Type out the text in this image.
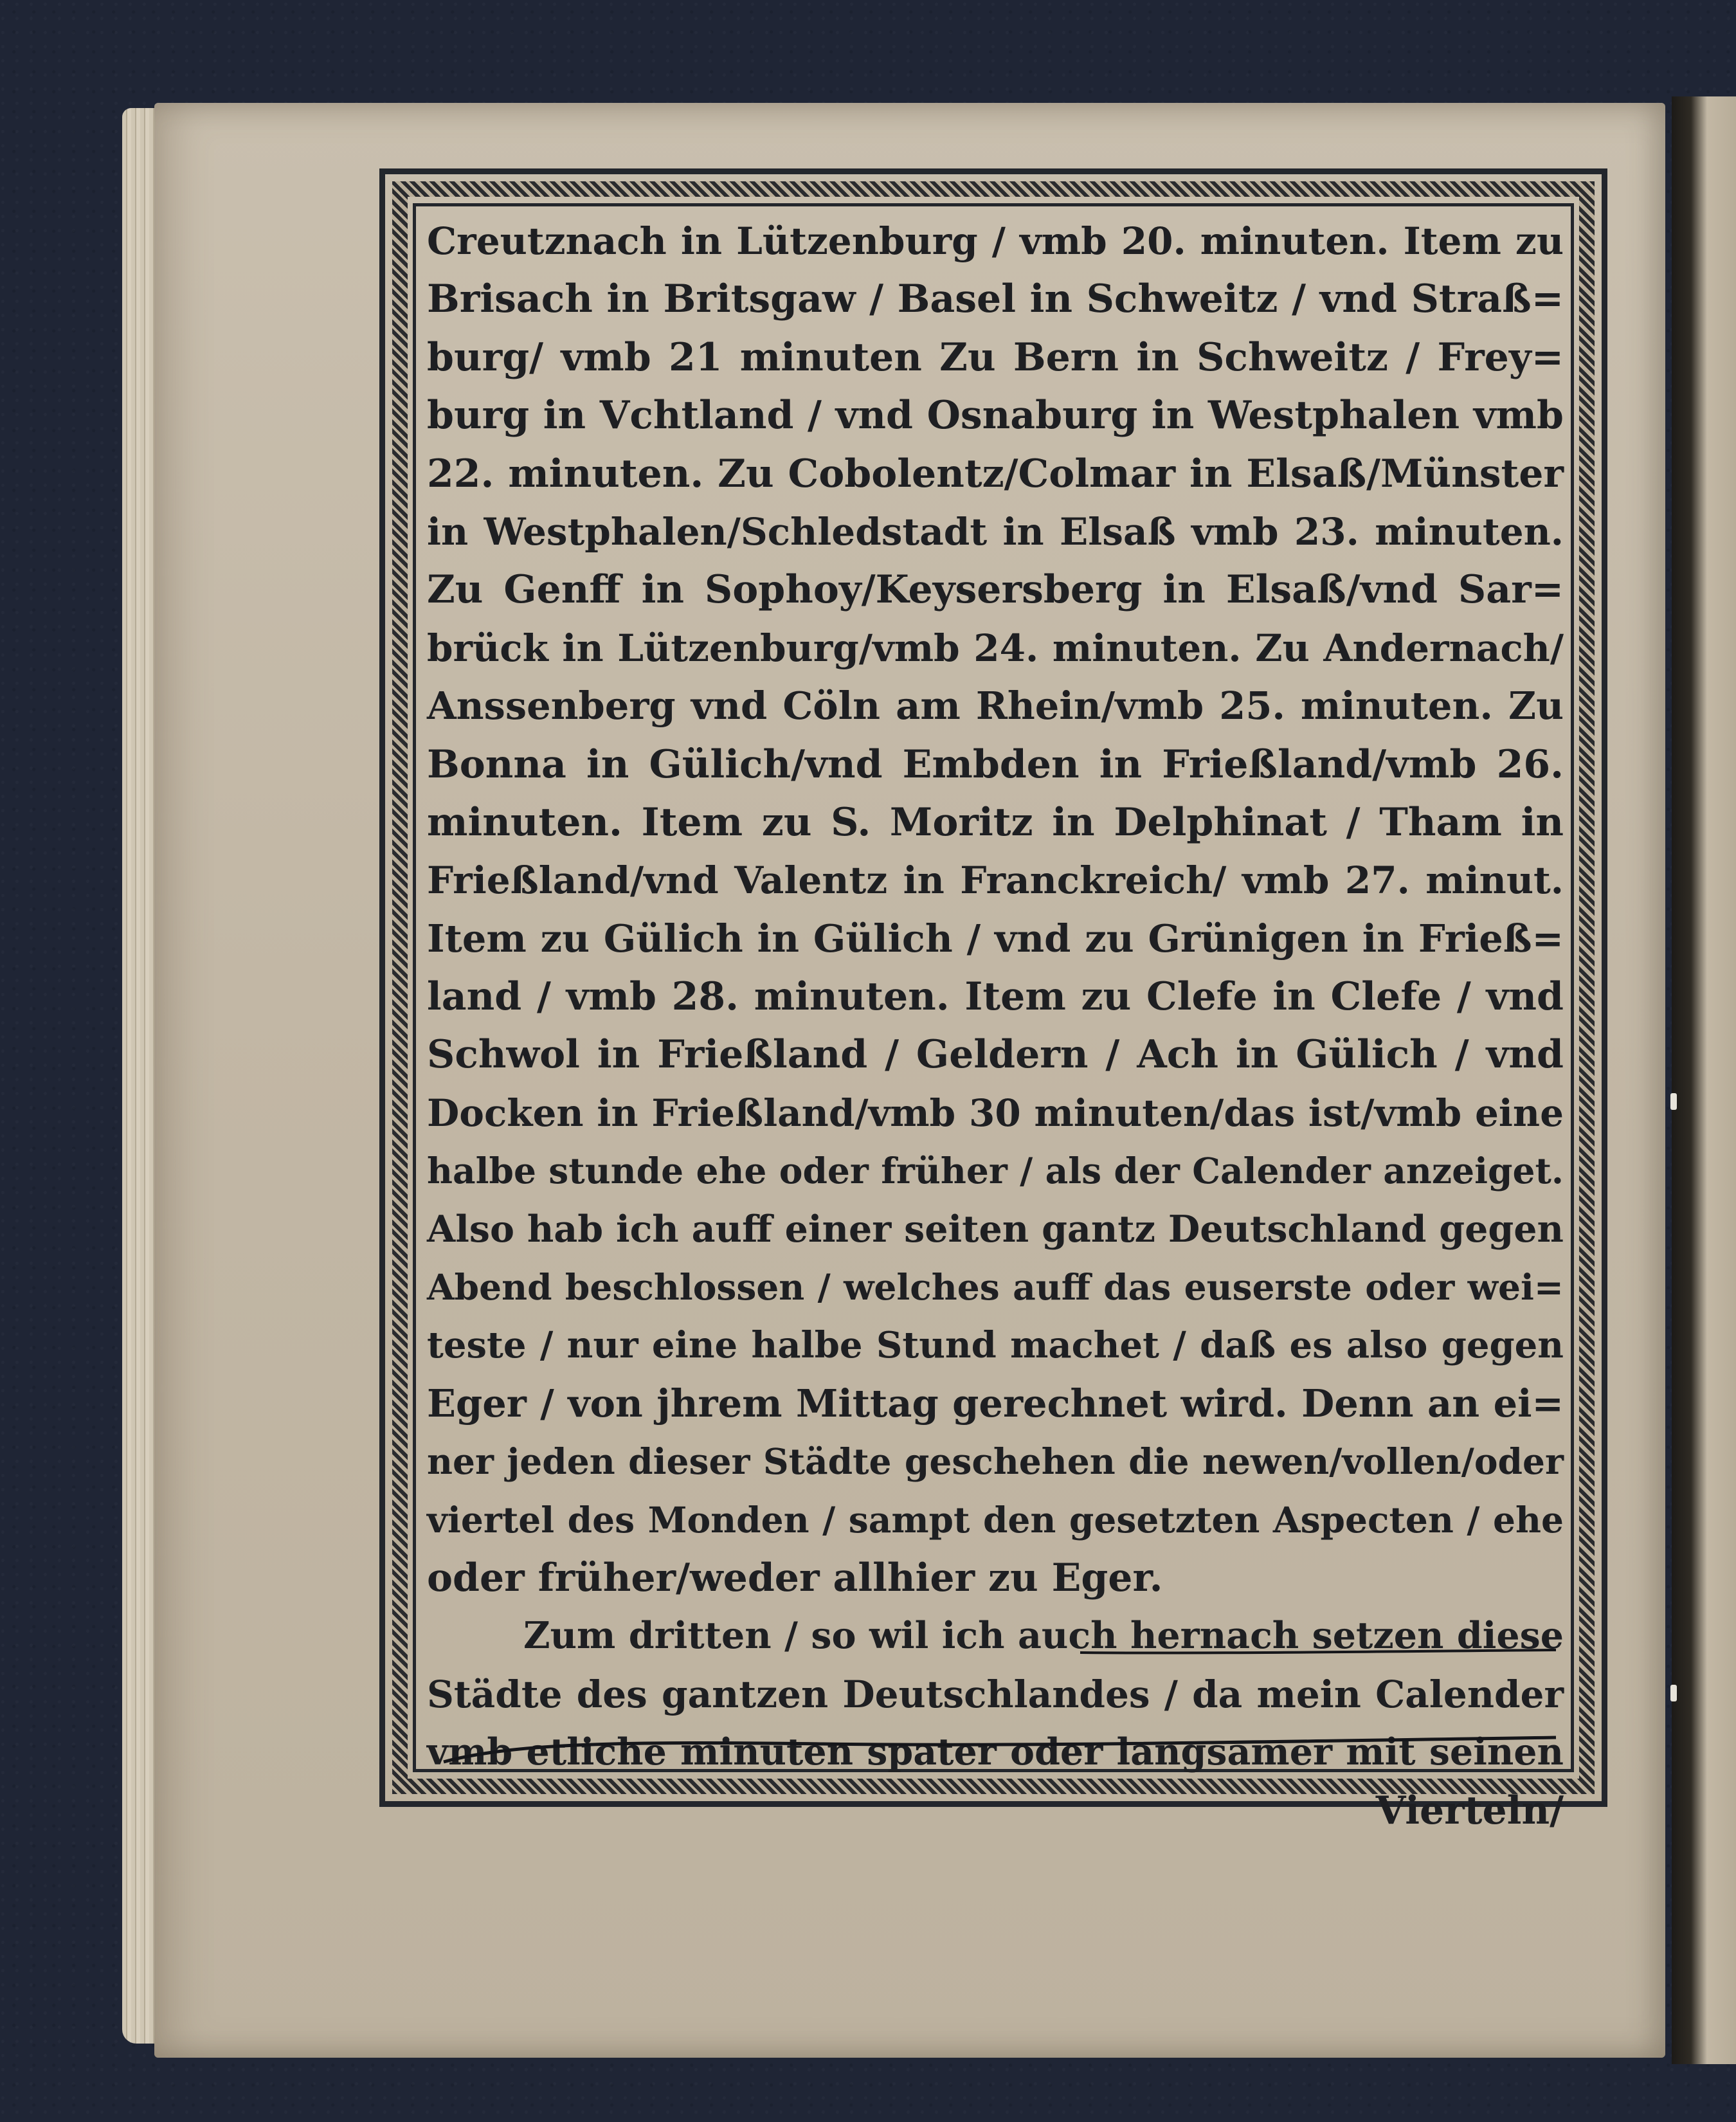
Creutznach in Lützenburg / vmb 20. minuten. Item zu
Brisach in Britsgaw / Basel in Schweitz / vnd Straß=
burg/ vmb 21 minuten Zu Bern in Schweitz / Frey=
burg in Vchtland / vnd Osnaburg in Westphalen vmb
22. minuten. Zu Cobolentz/Colmar in Elsaß/Münster
in Westphalen/Schledstadt in Elsaß vmb 23. minuten.
Zu Genff in Sophoy/Keysersberg in Elsaß/vnd Sar=
brück in Lützenburg/vmb 24. minuten. Zu Andernach/
Anssenberg vnd Cöln am Rhein/vmb 25. minuten. Zu
Bonna in Gülich/vnd Embden in Frießland/vmb 26.
minuten. Item zu S. Moritz in Delphinat / Tham in
Frießland/vnd Valentz in Franckreich/ vmb 27. minut.
Item zu Gülich in Gülich / vnd zu Grünigen in Frieß=
land / vmb 28. minuten. Item zu Clefe in Clefe / vnd
Schwol in Frießland / Geldern / Ach in Gülich / vnd
Docken in Frießland/vmb 30 minuten/das ist/vmb eine
halbe stunde ehe oder früher / als der Calender anzeiget.
Also hab ich auff einer seiten gantz Deutschland gegen
Abend beschlossen / welches auff das euserste oder wei=
teste / nur eine halbe Stund machet / daß es also gegen
Eger / von jhrem Mittag gerechnet wird. Denn an ei=
ner jeden dieser Städte geschehen die newen/vollen/oder
viertel des Monden / sampt den gesetzten Aspecten / ehe
oder früher/weder allhier zu Eger.
Zum dritten / so wil ich auch hernach setzen diese
Städte des gantzen Deutschlandes / da mein Calender
vmb etliche minuten spater oder langsamer mit seinen
Vierteln/
